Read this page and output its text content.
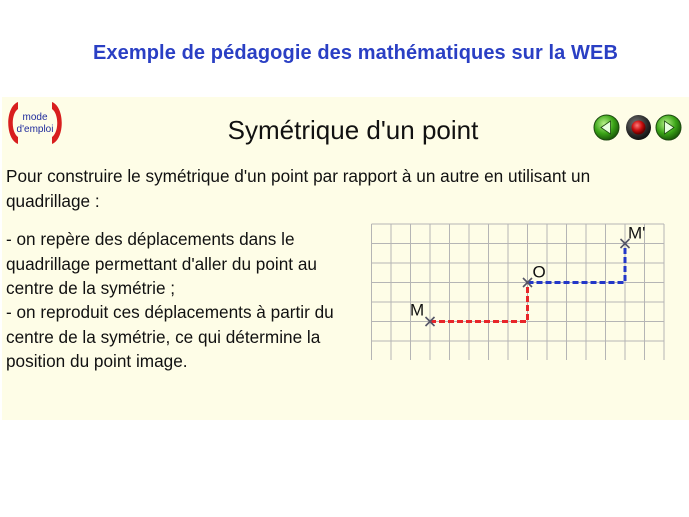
Exemple de pédagogie des mathématiques sur la WEB
mode
d'emploi	Symétrique d'un point
Pour construire le symétrique d'un point par rapport à un autre en utilisant un quadrillage :
- on repère des déplacements dans le quadrillage permettant d'aller du point au centre de la symétrie ;
- on reproduit ces déplacements à partir du centre de la symétrie, ce qui détermine la position du point image.
M
O
M'
